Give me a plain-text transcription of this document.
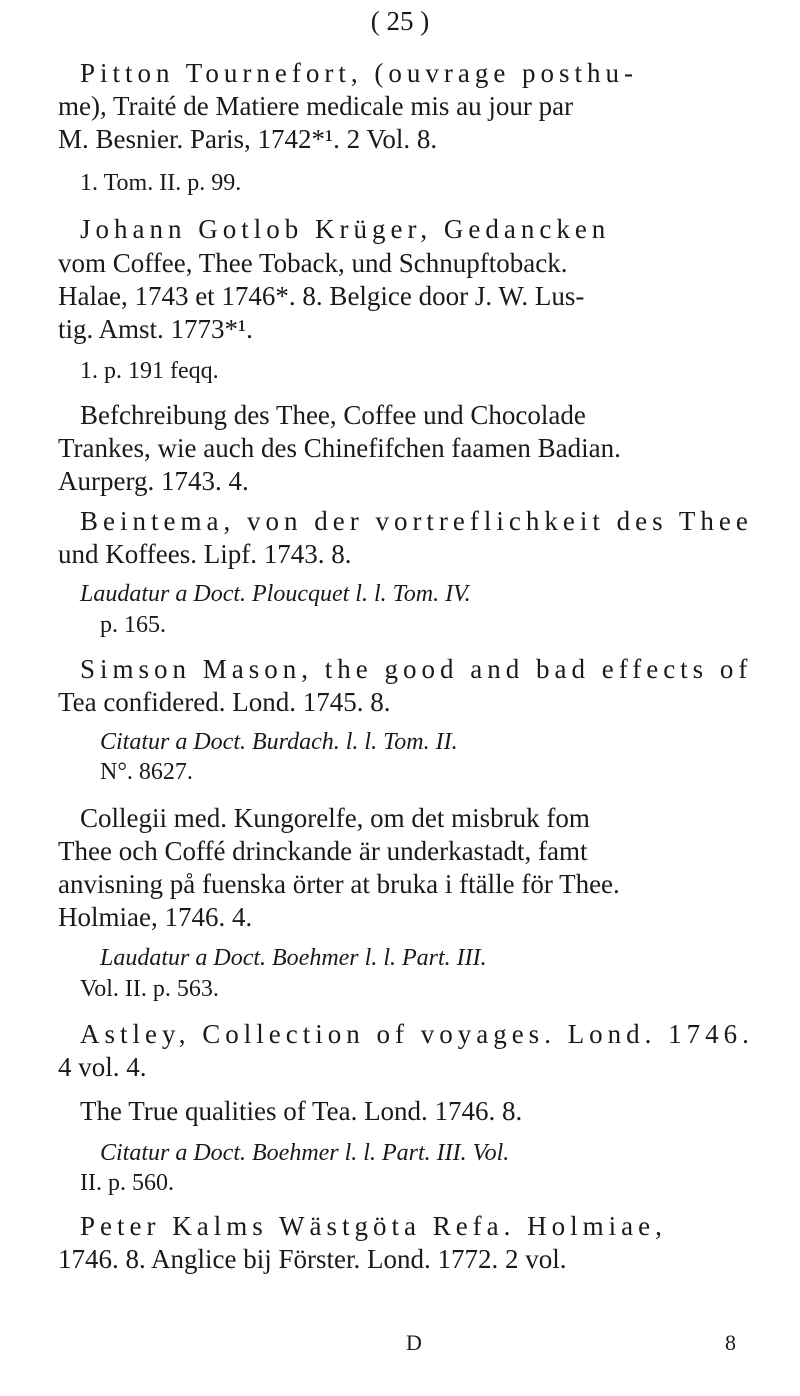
( 25 )
Pitton Tournefort, (ouvrage posthu-
me), Traité de Matiere medicale mis au jour par
M. Besnier. Paris, 1742*¹. 2 Vol. 8.
1. Tom. II. p. 99.
Johann Gotlob Krüger, Gedancken
vom Coffee, Thee Toback, und Schnupftoback.
Halae, 1743 et 1746*. 8. Belgice door J. W. Lus-
tig. Amst. 1773*¹.
1. p. 191 feqq.
Befchreibung des Thee, Coffee und Chocolade
Trankes, wie auch des Chinefifchen faamen Badian.
Aurperg. 1743. 4.
Beintema, von der vortreflichkeit des Thee
und Koffees. Lipf. 1743. 8.
Laudatur a Doct. Ploucquet l. l. Tom. IV.
p. 165.
Simson Mason, the good and bad effects of
Tea confidered. Lond. 1745. 8.
Citatur a Doct. Burdach. l. l. Tom. II.
N°. 8627.
Collegii med. Kungorelfe, om det misbruk fom
Thee och Coffé drinckande är underkastadt, famt
anvisning på fuenska örter at bruka i ftälle för Thee.
Holmiae, 1746. 4.
Laudatur a Doct. Boehmer l. l. Part. III.
Vol. II. p. 563.
Astley, Collection of voyages. Lond. 1746.
4 vol. 4.
The True qualities of Tea. Lond. 1746. 8.
Citatur a Doct. Boehmer l. l. Part. III. Vol.
II. p. 560.
Peter Kalms Wästgöta Refa. Holmiae,
1746. 8. Anglice bij Förster. Lond. 1772. 2 vol.
D	8
